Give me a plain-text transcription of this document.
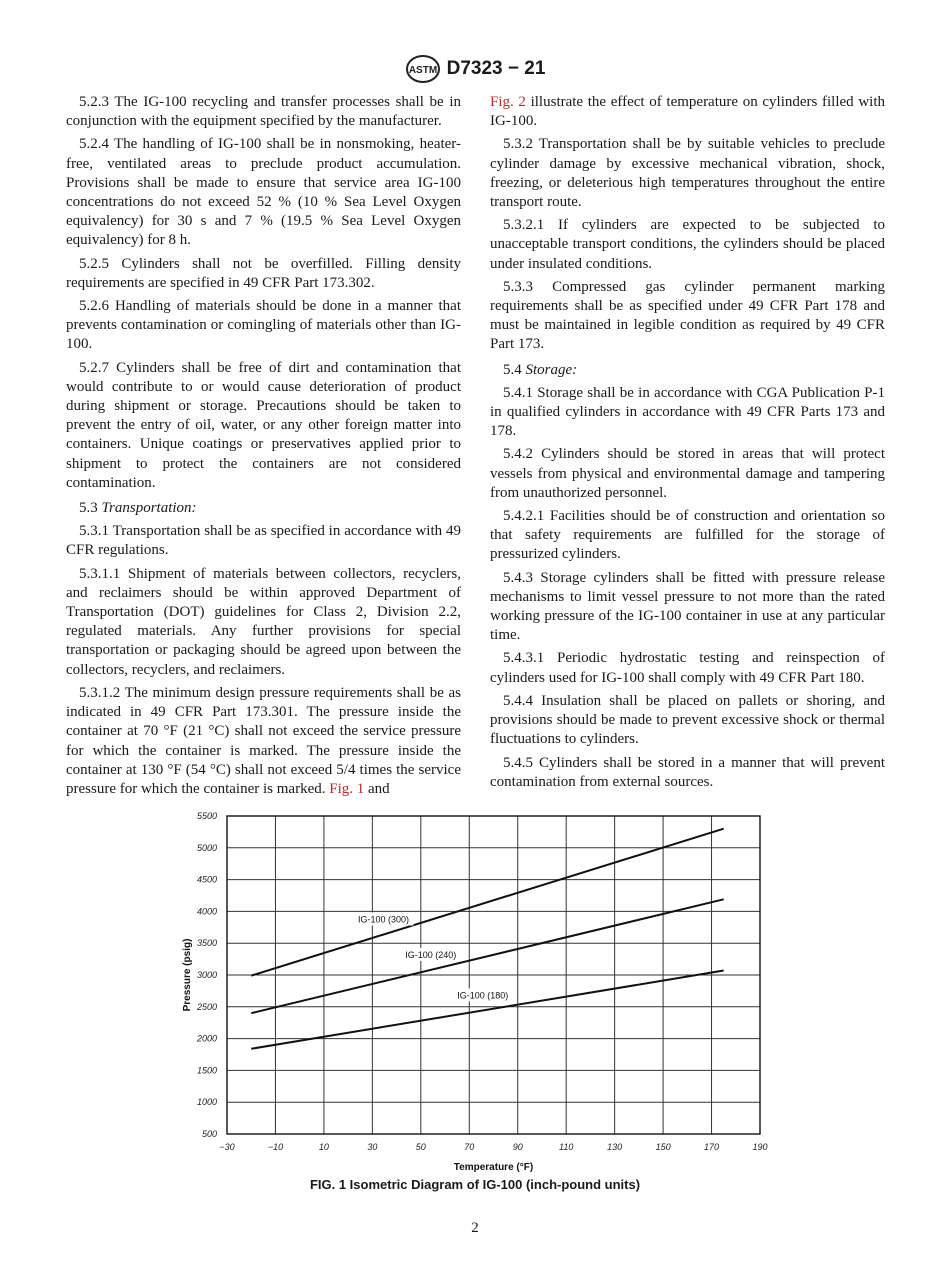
ASTM D7323 − 21

5.2.3 The IG-100 recycling and transfer processes shall be in conjunction with the equipment specified by the manufacturer.

5.2.4 The handling of IG-100 shall be in nonsmoking, heater-free, ventilated areas to preclude product accumulation. Provisions shall be made to ensure that service area IG-100 concentrations do not exceed 52 % (10 % Sea Level Oxygen equivalency) for 30 s and 7 % (19.5 % Sea Level Oxygen equivalency) for 8 h.

5.2.5 Cylinders shall not be overfilled. Filling density requirements are specified in 49 CFR Part 173.302.

5.2.6 Handling of materials should be done in a manner that prevents contamination or comingling of materials other than IG-100.

5.2.7 Cylinders shall be free of dirt and contamination that would contribute to or would cause deterioration of product during shipment or storage. Precautions should be taken to prevent the entry of oil, water, or any other foreign matter into containers. Unique coatings or preservatives applied prior to shipment to protect the containers are not considered contamination.

5.3 Transportation:

5.3.1 Transportation shall be as specified in accordance with 49 CFR regulations.

5.3.1.1 Shipment of materials between collectors, recyclers, and reclaimers should be within approved Department of Transportation (DOT) guidelines for Class 2, Division 2.2, regulated materials. Any further provisions for special transportation or packaging should be agreed upon between the collectors, recyclers, and reclaimers.

5.3.1.2 The minimum design pressure requirements shall be as indicated in 49 CFR Part 173.301. The pressure inside the container at 70 °F (21 °C) shall not exceed the service pressure for which the container is marked. The pressure inside the container at 130 °F (54 °C) shall not exceed 5/4 times the service pressure for which the container is marked. Fig. 1 and

Fig. 2 illustrate the effect of temperature on cylinders filled with IG-100.

5.3.2 Transportation shall be by suitable vehicles to preclude cylinder damage by excessive mechanical vibration, shock, freezing, or deleterious high temperatures throughout the entire transport route.

5.3.2.1 If cylinders are expected to be subjected to unacceptable transport conditions, the cylinders should be placed under insulated conditions.

5.3.3 Compressed gas cylinder permanent marking requirements shall be as specified under 49 CFR Part 178 and must be maintained in legible condition as required by 49 CFR Part 173.

5.4 Storage:

5.4.1 Storage shall be in accordance with CGA Publication P-1 in qualified cylinders in accordance with 49 CFR Parts 173 and 178.

5.4.2 Cylinders should be stored in areas that will protect vessels from physical and environmental damage and tampering from unauthorized personnel.

5.4.2.1 Facilities should be of construction and orientation so that safety requirements are fulfilled for the storage of pressurized cylinders.

5.4.3 Storage cylinders shall be fitted with pressure release mechanisms to limit vessel pressure to not more than the rated working pressure of the IG-100 container in use at any particular time.

5.4.3.1 Periodic hydrostatic testing and reinspection of cylinders used for IG-100 shall comply with 49 CFR Part 180.

5.4.4 Insulation shall be placed on pallets or shoring, and provisions should be made to prevent excessive shock or thermal fluctuations to cylinders.

5.4.5 Cylinders shall be stored in a manner that will prevent contamination from external sources.

−30	−10	10	30	50	70	90	110	130	150	170	190
500
1000
1500
2000
2500
3000
3500
4000
4500
5000
5500
Temperature (°F)
Pressure (psig)
IG-100 (300)
IG-100 (240)
IG-100 (180)
FIG. 1 Isometric Diagram of IG-100 (inch-pound units)
2
